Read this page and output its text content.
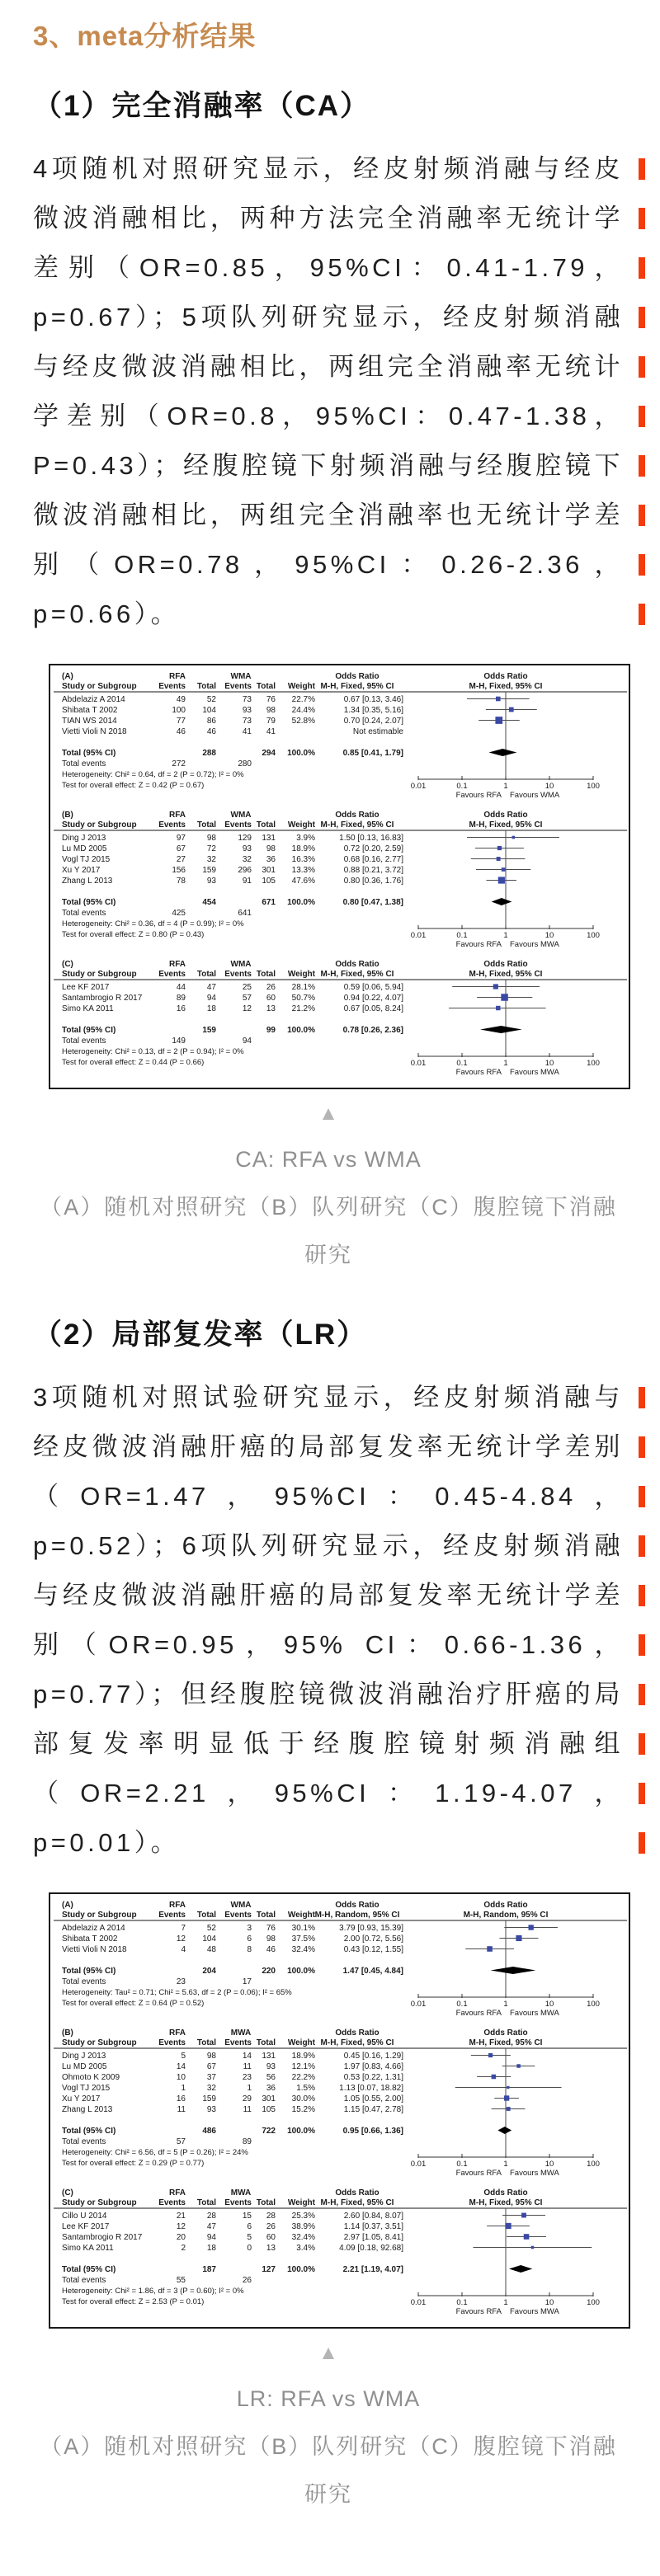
3、meta分析结果
（1）完全消融率（CA）

4项随机对照研究显示，经皮射频消融与经皮微波消融相比，两种方法完全消融率无统计学差别（OR=0.85，95%CI：0.41-1.79，p=0.67）；5项队列研究显示，经皮射频消融与经皮微波消融相比，两组完全消融率无统计学差别（OR=0.8，95%CI：0.47-1.38，P=0.43）；经腹腔镜下射频消融与经腹腔镜下微波消融相比，两组完全消融率也无统计学差别（OR=0.78，95%CI：0.26-2.36，p=0.66）。

(A)	RFA	WMA	Odds Ratio	Odds Ratio
Study or Subgroup	Events Total Events Total Weight M-H, Fixed, 95% CI	M-H, Fixed, 95% CI
Abdelaziz A 2014	49	52	73 76 22.7%	0.67 [0.13, 3.46]
Shibata T 2002	100 104	93 98 24.4%	1.34 [0.35, 5.16]
TIAN WS 2014	77	86	73 79 52.8%	0.70 [0.24, 2.07]
Vietti Violi N 2018	46	46	41 41	Not estimable
Total (95% CI)	288	294 100.0%	0.85 [0.41, 1.79]
Total events	272	280
Heterogeneity: Chi² = 0.64, df = 2 (P = 0.72); I² = 0%
Test for overall effect: Z = 0.42 (P = 0.67)	0.01	0.1	1	10	100
Favours RFA Favours WMA
(B)	RFA	WMA	Odds Ratio	Odds Ratio
Study or Subgroup	Events Total Events Total Weight M-H, Fixed, 95% CI	M-H, Fixed, 95% CI
Ding J 2013	97	98	129 131	3.9%	1.50 [0.13, 16.83]
Lu MD 2005	67	72	93 98 18.9%	0.72 [0.20, 2.59]
Vogl TJ 2015	27	32	32 36 16.3%	0.68 [0.16, 2.77]
Xu Y 2017	156 159	296 301 13.3%	0.88 [0.21, 3.72]
Zhang L 2013	78	93	91 105 47.6%	0.80 [0.36, 1.76]
Total (95% CI)	454	671 100.0%	0.80 [0.47, 1.38]
Total events	425	641
Heterogeneity: Chi² = 0.36, df = 4 (P = 0.99); I² = 0%
Test for overall effect: Z = 0.80 (P = 0.43)	0.01	0.1	1	10	100
Favours RFA Favours MWA
(C)	RFA	WMA	Odds Ratio	Odds Ratio
Study or Subgroup	Events Total Events Total Weight M-H, Fixed, 95% CI	M-H, Fixed, 95% CI
Lee KF 2017	44	47	25 26 28.1%	0.59 [0.06, 5.94]
Santambrogio R 2017	89	94	57 60 50.7%	0.94 [0.22, 4.07]
Simo KA 2011	16	18	12 13 21.2%	0.67 [0.05, 8.24]
Total (95% CI)	159	99 100.0%	0.78 [0.26, 2.36]
Total events	149	94
Heterogeneity: Chi² = 0.13, df = 2 (P = 0.94); I² = 0%
Test for overall effect: Z = 0.44 (P = 0.66)	0.01	0.1	1	10	100
Favours RFA Favours MWA
▲
CA: RFA vs WMA
（A）随机对照研究（B）队列研究（C）腹腔镜下消融研究
（2）局部复发率（LR）

3项随机对照试验研究显示，经皮射频消融与经皮微波消融肝癌的局部复发率无统计学差别（OR=1.47，95%CI：0.45-4.84，p=0.52）；6项队列研究显示，经皮射频消融与经皮微波消融肝癌的局部复发率无统计学差别（OR=0.95，95% CI：0.66-1.36，p=0.77）；但经腹腔镜微波消融治疗肝癌的局部复发率明显低于经腹腔镜射频消融组（OR=2.21，95%CI：1.19-4.07，p=0.01）。

(A)	RFA	WMA	Odds Ratio	Odds Ratio
Study or Subgroup	Events Total Events Total Weight M-H, Random, 95% CI	M-H, Random, 95% CI
Abdelaziz A 2014	7	52	3 76 30.1%	3.79 [0.93, 15.39]
Shibata T 2002	12 104	6 98 37.5%	2.00 [0.72, 5.56]
Vietti Violi N 2018	4	48	8 46 32.4%	0.43 [0.12, 1.55]
Total (95% CI)	204	220 100.0%	1.47 [0.45, 4.84]
Total events	23	17
Heterogeneity: Tau² = 0.71; Chi² = 5.63, df = 2 (P = 0.06); I² = 65%
Test for overall effect: Z = 0.64 (P = 0.52)	0.01	0.1	1	10	100
Favours RFA Favours MWA
(B)	RFA	MWA	Odds Ratio	Odds Ratio
Study or Subgroup	Events Total Events Total Weight M-H, Fixed, 95% CI	M-H, Fixed, 95% CI
Ding J 2013	5	98	14 131 18.9%	0.45 [0.16, 1.29]
Lu MD 2005	14	67	11 93 12.1%	1.97 [0.83, 4.66]
Ohmoto K 2009	10	37	23 56 22.2%	0.53 [0.22, 1.31]
Vogl TJ 2015	1	32	1 36	1.5%	1.13 [0.07, 18.82]
Xu Y 2017	16 159	29 301 30.0%	1.05 [0.55, 2.00]
Zhang L 2013	11	93	11 105 15.2%	1.15 [0.47, 2.78]
Total (95% CI)	486	722 100.0%	0.95 [0.66, 1.36]
Total events	57	89
Heterogeneity: Chi² = 6.56, df = 5 (P = 0.26); I² = 24%
Test for overall effect: Z = 0.29 (P = 0.77)	0.01	0.1	1	10	100
Favours RFA Favours MWA
(C)	RFA	MWA	Odds Ratio	Odds Ratio
Study or Subgroup	Events Total Events Total Weight M-H, Fixed, 95% CI	M-H, Fixed, 95% CI
Cillo U 2014	21	28	15 28 25.3%	2.60 [0.84, 8.07]
Lee KF 2017	12	47	6 26 38.9%	1.14 [0.37, 3.51]
Santambrogio R 2017	20	94	5 60 32.4%	2.97 [1.05, 8.41]
Simo KA 2011	2	18	0 13	3.4%	4.09 [0.18, 92.68]
Total (95% CI)	187	127 100.0%	2.21 [1.19, 4.07]
Total events	55	26
Heterogeneity: Chi² = 1.86, df = 3 (P = 0.60); I² = 0%
Test for overall effect: Z = 2.53 (P = 0.01)	0.01	0.1	1	10	100
Favours RFA Favours MWA
▲
LR: RFA vs WMA
（A）随机对照研究（B）队列研究（C）腹腔镜下消融研究
